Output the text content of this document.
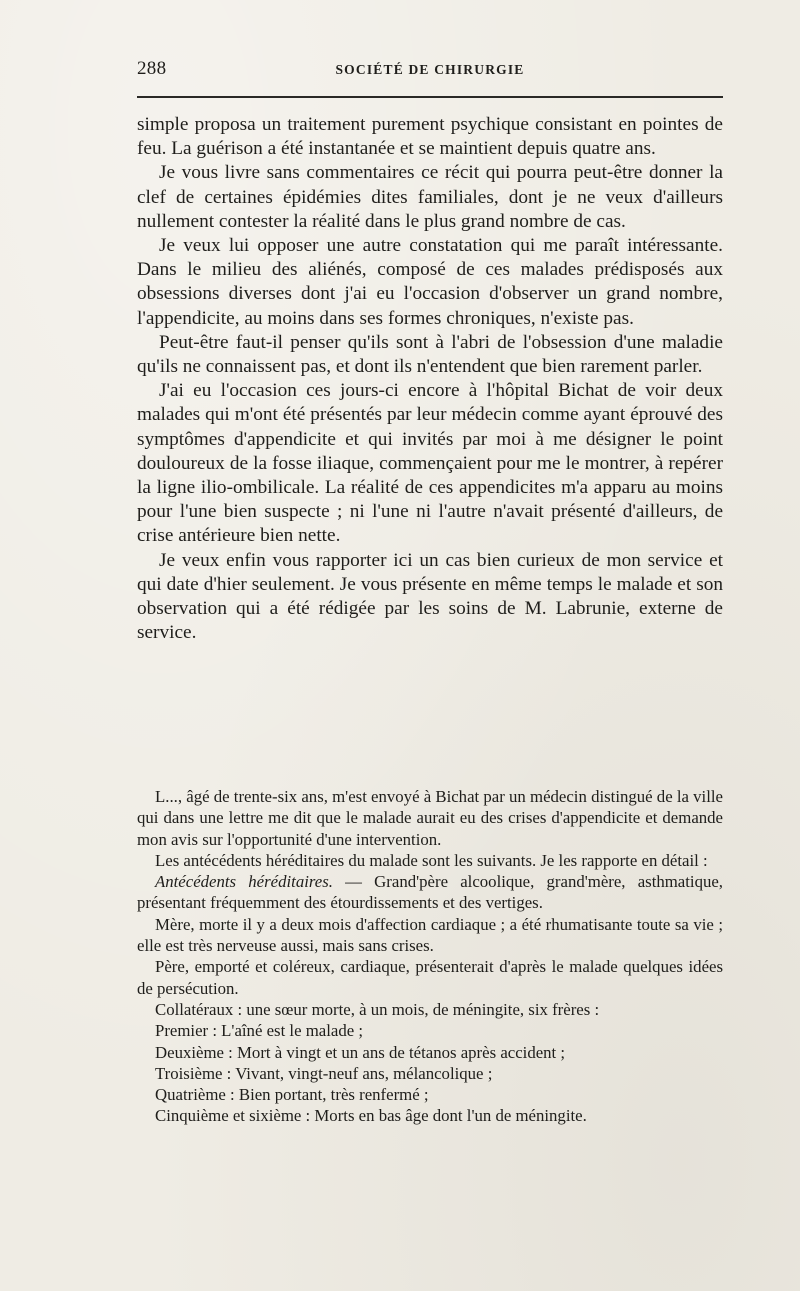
288	SOCIÉTÉ DE CHIRURGIE

simple proposa un traitement purement psychique consistant en pointes de feu. La guérison a été instantanée et se maintient depuis quatre ans.

Je vous livre sans commentaires ce récit qui pourra peut-être donner la clef de certaines épidémies dites familiales, dont je ne veux d'ailleurs nullement contester la réalité dans le plus grand nombre de cas.

Je veux lui opposer une autre constatation qui me paraît intéressante. Dans le milieu des aliénés, composé de ces malades prédisposés aux obsessions diverses dont j'ai eu l'occasion d'observer un grand nombre, l'appendicite, au moins dans ses formes chroniques, n'existe pas.

Peut-être faut-il penser qu'ils sont à l'abri de l'obsession d'une maladie qu'ils ne connaissent pas, et dont ils n'entendent que bien rarement parler.

J'ai eu l'occasion ces jours-ci encore à l'hôpital Bichat de voir deux malades qui m'ont été présentés par leur médecin comme ayant éprouvé des symptômes d'appendicite et qui invités par moi à me désigner le point douloureux de la fosse iliaque, commençaient pour me le montrer, à repérer la ligne ilio-ombilicale. La réalité de ces appendicites m'a apparu au moins pour l'une bien suspecte ; ni l'une ni l'autre n'avait présenté d'ailleurs, de crise antérieure bien nette.

Je veux enfin vous rapporter ici un cas bien curieux de mon service et qui date d'hier seulement. Je vous présente en même temps le malade et son observation qui a été rédigée par les soins de M. Labrunie, externe de service.

L..., âgé de trente-six ans, m'est envoyé à Bichat par un médecin distingué de la ville qui dans une lettre me dit que le malade aurait eu des crises d'appendicite et demande mon avis sur l'opportunité d'une intervention.

Les antécédents héréditaires du malade sont les suivants. Je les rapporte en détail :

Antécédents héréditaires. — Grand'père alcoolique, grand'mère, asthmatique, présentant fréquemment des étourdissements et des vertiges.

Mère, morte il y a deux mois d'affection cardiaque ; a été rhumatisante toute sa vie ; elle est très nerveuse aussi, mais sans crises.

Père, emporté et coléreux, cardiaque, présenterait d'après le malade quelques idées de persécution.

Collatéraux : une sœur morte, à un mois, de méningite, six frères :

Premier : L'aîné est le malade ;

Deuxième : Mort à vingt et un ans de tétanos après accident ;

Troisième : Vivant, vingt-neuf ans, mélancolique ;

Quatrième : Bien portant, très renfermé ;

Cinquième et sixième : Morts en bas âge dont l'un de méningite.
